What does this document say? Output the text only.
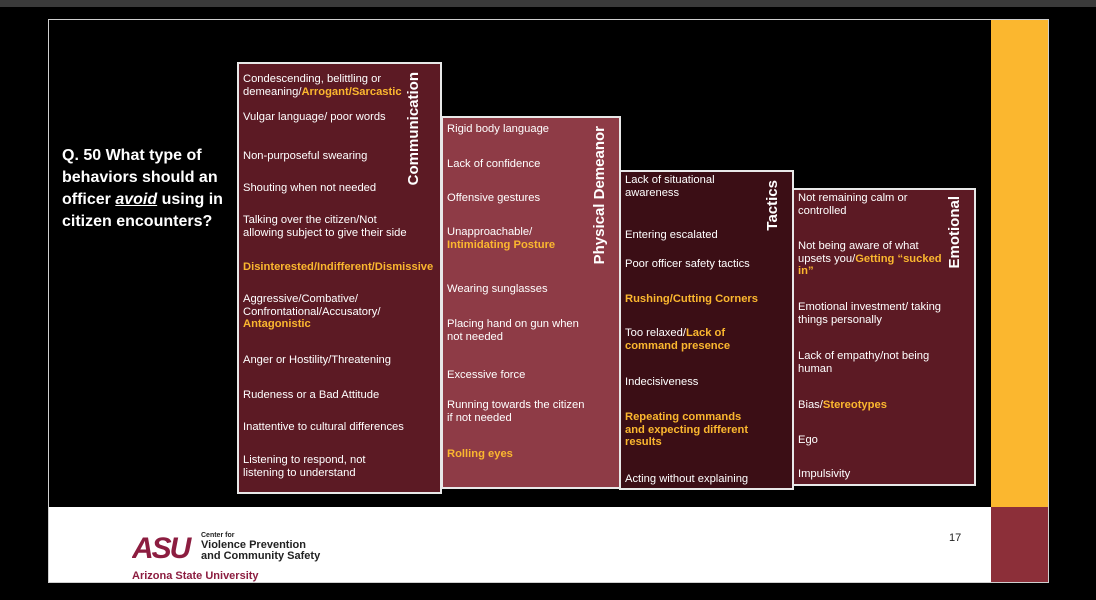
Q. 50 What type of behaviors should an officer avoid using in citizen encounters?
Communication
Condescending, belittling or demeaning/Arrogant/Sarcastic
Vulgar language/ poor words
Non-purposeful swearing
Shouting when not needed
Talking over the citizen/Not allowing subject to give their side
Disinterested/Indifferent/Dismissive
Aggressive/Combative/ Confrontational/Accusatory/ Antagonistic
Anger or Hostility/Threatening
Rudeness or a Bad Attitude
Inattentive to cultural differences
Listening to respond, not listening to understand
Physical Demeanor
Rigid body language
Lack of confidence
Offensive gestures
Unapproachable/ Intimidating Posture
Wearing sunglasses
Placing hand on gun when not needed
Excessive force
Running towards the citizen if not needed
Rolling eyes
Tactics
Lack of situational awareness
Entering escalated
Poor officer safety tactics
Rushing/Cutting Corners
Too relaxed/Lack of command presence
Indecisiveness
Repeating commands and expecting different results
Acting without explaining
Emotional
Not remaining calm or controlled
Not being aware of what upsets you/Getting “sucked in”
Emotional investment/ taking things personally
Lack of empathy/not being human
Bias/Stereotypes
Ego
Impulsivity
ASU	Center for
Violence Prevention
and Community Safety
Arizona State University
17
